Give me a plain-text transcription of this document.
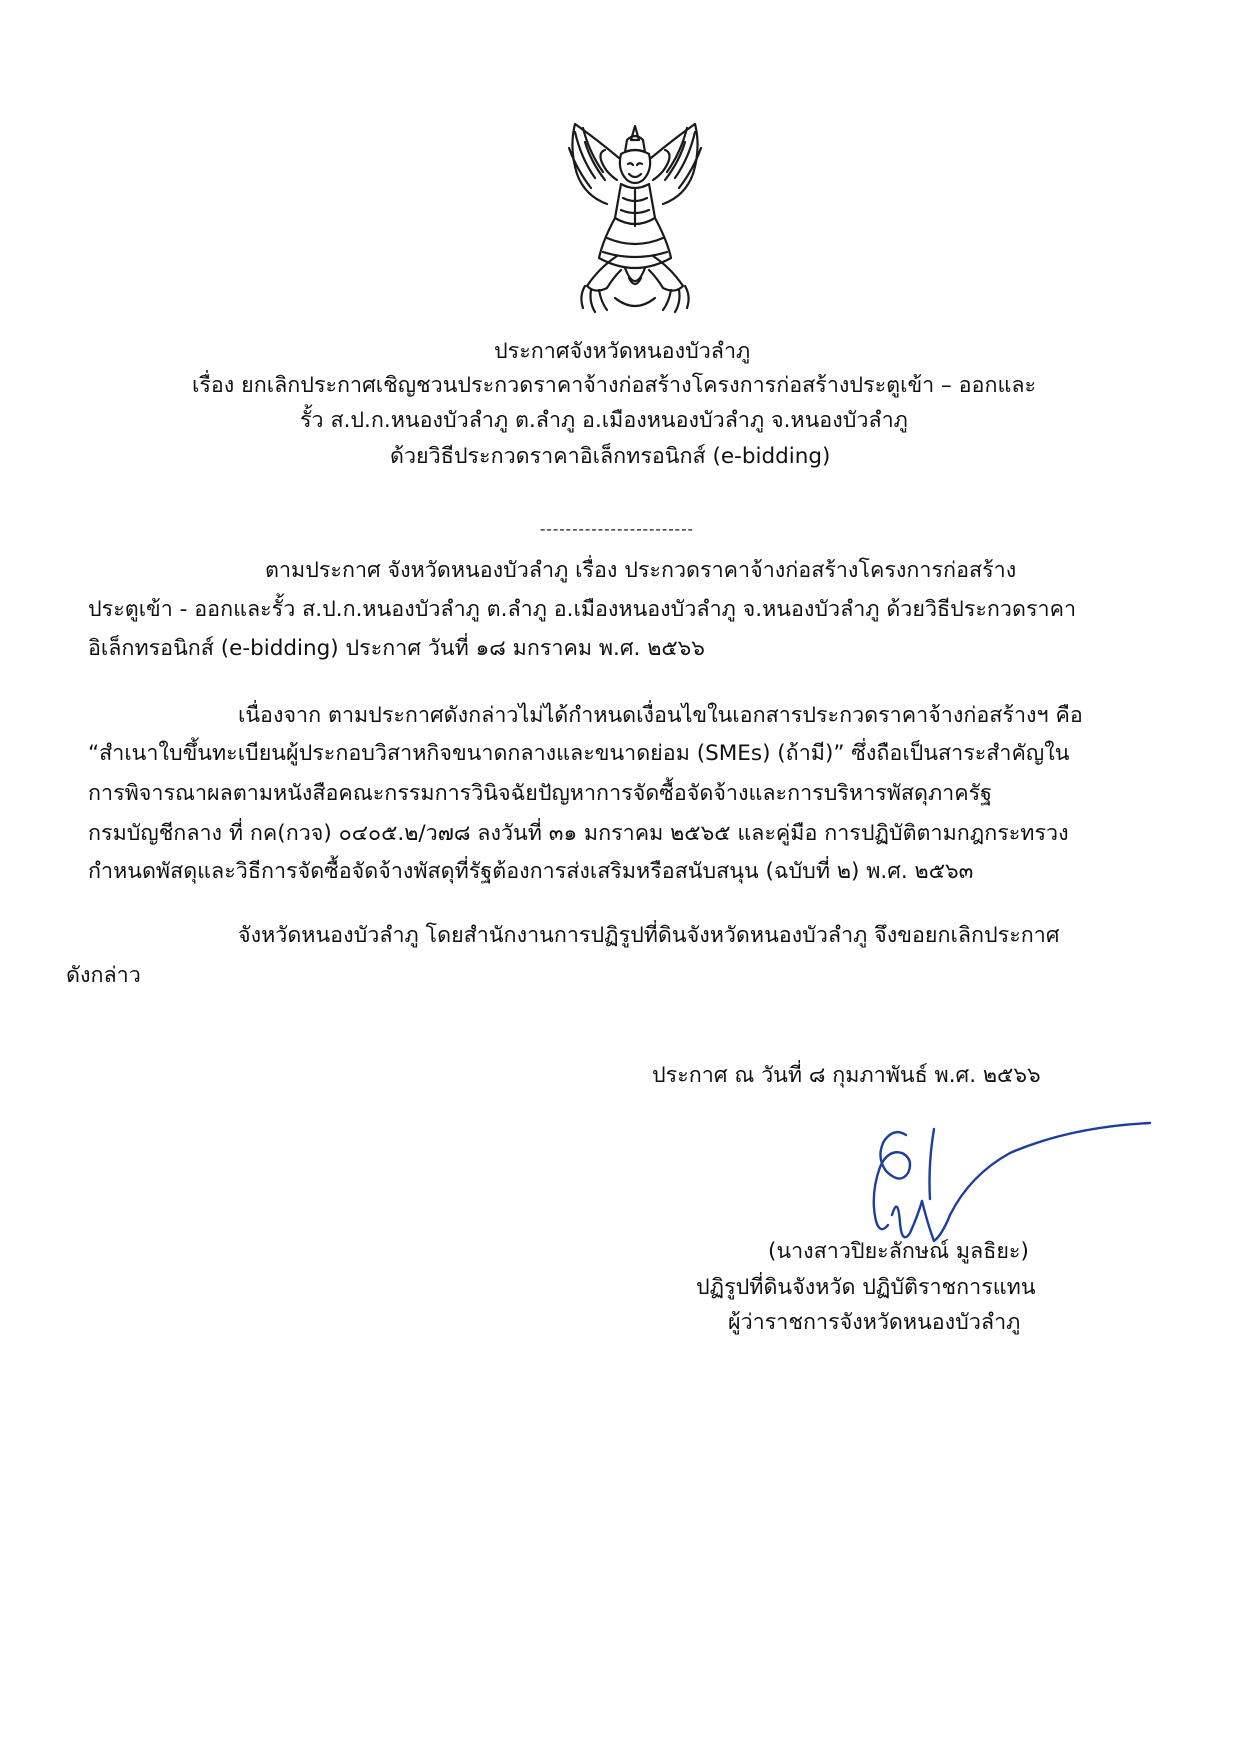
ประกาศจังหวัดหนองบัวลำภู
เรื่อง ยกเลิกประกาศเชิญชวนประกวดราคาจ้างก่อสร้างโครงการก่อสร้างประตูเข้า – ออกและ
รั้ว ส.ป.ก.หนองบัวลำภู ต.ลำภู อ.เมืองหนองบัวลำภู จ.หนองบัวลำภู
ด้วยวิธีประกวดราคาอิเล็กทรอนิกส์ (e-bidding)
------------------------
ตามประกาศ จังหวัดหนองบัวลำภู เรื่อง ประกวดราคาจ้างก่อสร้างโครงการก่อสร้าง
ประตูเข้า - ออกและรั้ว ส.ป.ก.หนองบัวลำภู ต.ลำภู อ.เมืองหนองบัวลำภู จ.หนองบัวลำภู ด้วยวิธีประกวดราคา
อิเล็กทรอนิกส์ (e-bidding) ประกาศ วันที่ ๑๘ มกราคม พ.ศ. ๒๕๖๖
เนื่องจาก ตามประกาศดังกล่าวไม่ได้กำหนดเงื่อนไขในเอกสารประกวดราคาจ้างก่อสร้างฯ คือ
“สำเนาใบขึ้นทะเบียนผู้ประกอบวิสาหกิจขนาดกลางและขนาดย่อม (SMEs) (ถ้ามี)” ซึ่งถือเป็นสาระสำคัญใน
การพิจารณาผลตามหนังสือคณะกรรมการวินิจฉัยปัญหาการจัดซื้อจัดจ้างและการบริหารพัสดุภาครัฐ
กรมบัญชีกลาง ที่ กค(กวจ) ๐๔๐๕.๒/ว๗๘ ลงวันที่ ๓๑ มกราคม ๒๕๖๕ และคู่มือ การปฏิบัติตามกฎกระทรวง
กำหนดพัสดุและวิธีการจัดซื้อจัดจ้างพัสดุที่รัฐต้องการส่งเสริมหรือสนับสนุน (ฉบับที่ ๒) พ.ศ. ๒๕๖๓
จังหวัดหนองบัวลำภู โดยสำนักงานการปฏิรูปที่ดินจังหวัดหนองบัวลำภู จึงขอยกเลิกประกาศ
ดังกล่าว
ประกาศ ณ วันที่ ๘ กุมภาพันธ์ พ.ศ. ๒๕๖๖
(นางสาวปิยะลักษณ์ มูลธิยะ)
ปฏิรูปที่ดินจังหวัด ปฏิบัติราชการแทน
ผู้ว่าราชการจังหวัดหนองบัวลำภู
